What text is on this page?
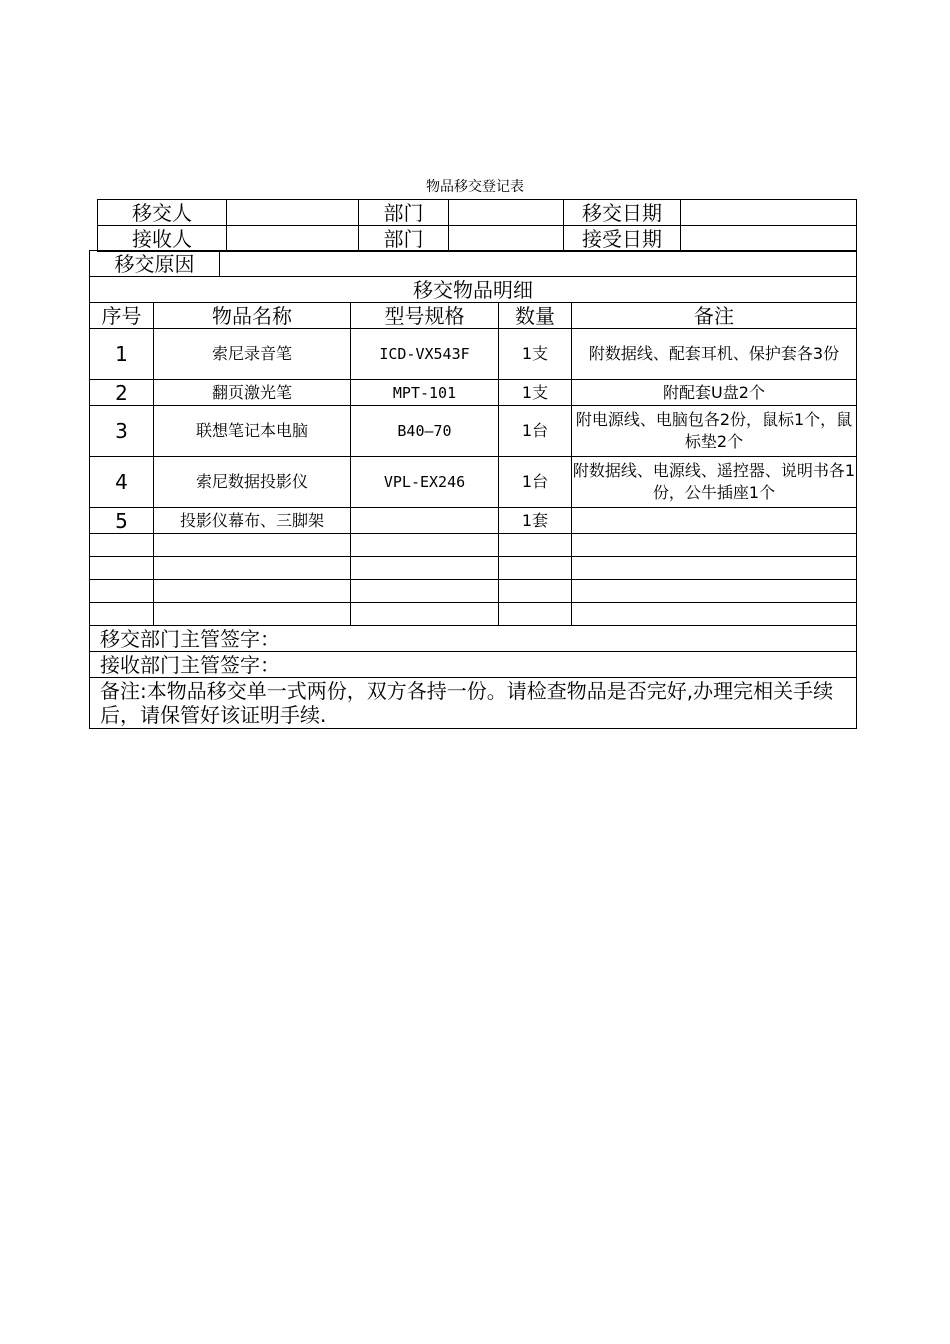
物品移交登记表
移交人		部门		移交日期	
接收人		部门		接受日期	
移交原因					
移交物品明细					
序号	物品名称		型号规格	数量	备注
1	索尼录音笔		ICD-VX543F	1支	附数据线、配套耳机、保护套各3份
2	翻页激光笔		MPT-101	1支	附配套U盘2个
3	联想笔记本电脑		B40—70	1台	附电源线、电脑包各2份，鼠标1个，鼠标垫2个
4	索尼数据投影仪		VPL-EX246	1台	附数据线、电源线、遥控器、说明书各1份，公牛插座1个
5	投影仪幕布、三脚架			1套	

移交部门主管签字：					
接收部门主管签字：					
备注:本物品移交单一式两份，双方各持一份。请检查物品是否完好,办理完相关手续后，请保管好该证明手续.					
